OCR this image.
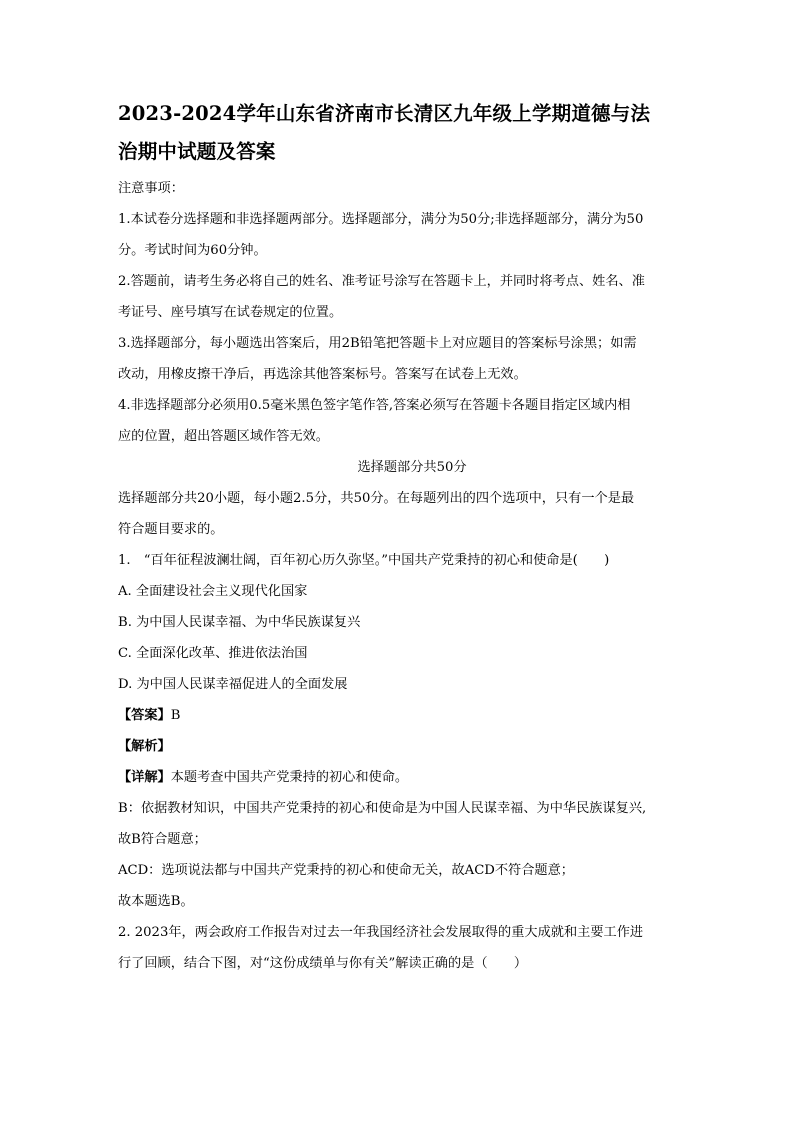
2023-2024学年山东省济南市长清区九年级上学期道德与法
治期中试题及答案
注意事项：
1.本试卷分选择题和非选择题两部分。选择题部分，满分为50分;非选择题部分，满分为50
分。考试时间为60分钟。
2.答题前，请考生务必将自己的姓名、准考证号涂写在答题卡上，并同时将考点、姓名、准
考证号、座号填写在试卷规定的位置。
3.选择题部分，每小题选出答案后，用2B铅笔把答题卡上对应题目的答案标号涂黑；如需
改动，用橡皮擦干净后，再选涂其他答案标号。答案写在试卷上无效。
4.非选择题部分必须用0.5毫米黑色签字笔作答,答案必须写在答题卡各题目指定区域内相
应的位置，超出答题区域作答无效。
选择题部分共50分
选择题部分共20小题，每小题2.5分，共50分。在每题列出的四个选项中，只有一个是最
符合题目要求的。
1.　“百年征程波澜壮阔，百年初心历久弥坚。”中国共产党秉持的初心和使命是(　　)
A. 全面建设社会主义现代化国家
B. 为中国人民谋幸福、为中华民族谋复兴
C. 全面深化改革、推进依法治国
D. 为中国人民谋幸福促进人的全面发展
【答案】B
【解析】
【详解】本题考查中国共产党秉持的初心和使命。
B：依据教材知识，中国共产党秉持的初心和使命是为中国人民谋幸福、为中华民族谋复兴,
故B符合题意；
ACD：选项说法都与中国共产党秉持的初心和使命无关，故ACD不符合题意；
故本题选B。
2. 2023年，两会政府工作报告对过去一年我国经济社会发展取得的重大成就和主要工作进
行了回顾，结合下图，对“这份成绩单与你有关”解读正确的是（　　）
